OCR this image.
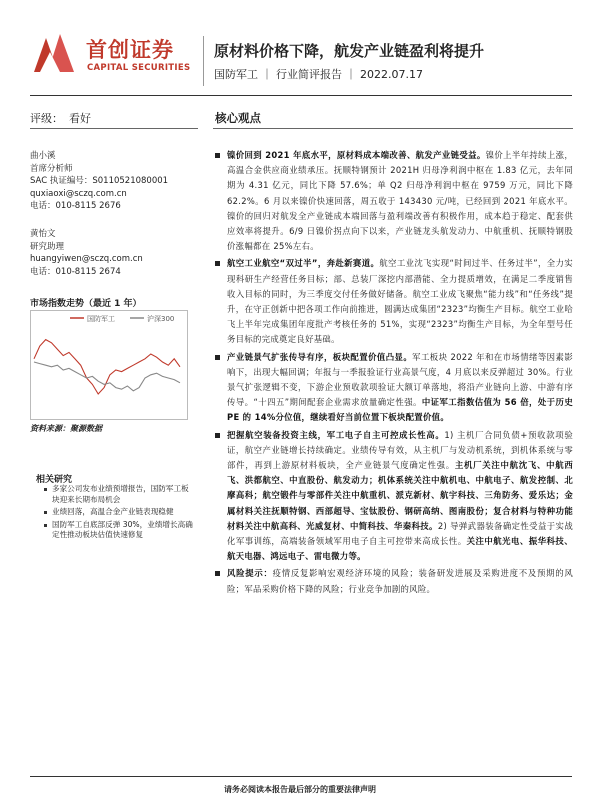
首创证券
CAPITAL SECURITIES
原材料价格下降，航发产业链盈利将提升
国防军工 ｜ 行业简评报告 ｜ 2022.07.17
评级： 看好	核心观点
曲小溪
首席分析师
SAC 执证编号：S0110521080001
quxiaoxi@sczq.com.cn
电话：010-8115 2676
黄怡文
研究助理
huangyiwen@sczq.com.cn
电话：010-8115 2674
市场指数走势（最近 1 年）
国防军工	沪深300
资料来源：聚源数据
相关研究
多家公司发布业绩预增报告，国防军工板块迎来长期布局机会
业绩回落，高温合金产业链表现稳健
国防军工自底部反弹 30%，业绩增长高确定性推动板块估值快速修复
镍价回到 2021 年底水平，原材料成本端改善、航发产业链受益。镍价上半年持续上涨，高温合金供应商业绩承压。抚顺特钢预计 2021H 归母净利润中枢在 1.83 亿元，去年同期为 4.31 亿元，同比下降 57.6%；单 Q2 归母净利润中枢在 9759 万元，同比下降 62.2%。6 月以来镍价快速回落，周五收于 143430 元/吨，已经回到 2021 年底水平。镍价的回归对航发全产业链成本端回落与盈利端改善有积极作用，成本趋于稳定、配套供应效率将提升。6/9 日镍价拐点向下以来，产业链龙头航发动力、中航重机、抚顺特钢股价涨幅都在 25%左右。
航空工业航空“双过半”，奔赴新赛道。航空工业沈飞实现“时间过半、任务过半”，全力实现科研生产经营任务目标；部、总装厂深挖内部潜能、全力提质增效，在满足二季度销售收入目标的同时，为三季度交付任务做好储备。航空工业成飞聚焦“能力线”和“任务线”提升，在守正创新中把各项工作向前推进，圆满达成集团“2323”均衡生产目标。航空工业哈飞上半年完成集团年度批产考核任务的 51%，实现“2323”均衡生产目标，为全年型号任务目标的完成奠定良好基础。
产业链景气扩张传导有序，板块配置价值凸显。军工板块 2022 年和在市场情绪等因素影响下，出现大幅回调；年报与一季报验证行业高景气度，4 月底以来反弹超过 30%。行业景气扩张逻辑不变，下游企业预收款项验证大额订单落地，将沿产业链向上游、中游有序传导。“十四五”期间配套企业需求放量确定性强。中证军工指数估值为 56 倍，处于历史 PE 的 14%分位值，继续看好当前位置下板块配置价值。
把握航空装备投资主线，军工电子自主可控成长性高。1) 主机厂合同负债+预收款项验证，航空产业链增长持续确定。业绩传导有效，从主机厂与发动机系统，到机体系统与零部件，再到上游原材料板块，全产业链景气度确定性强。主机厂关注中航沈飞、中航西飞、洪都航空、中直股份、航发动力；机体系统关注中航机电、中航电子、航发控制、北摩高科；航空锻件与零部件关注中航重机、派克新材、航宇科技、三角防务、爱乐达；金属材料关注抚顺特钢、西部超导、宝钛股份、钢研高纳、图南股份；复合材料与特种功能材料关注中航高科、光威复材、中简科技、华秦科技。2) 导弹武器装备确定性受益于实战化军事训练，高端装备领域军用电子自主可控带来高成长性。关注中航光电、振华科技、航天电器、鸿远电子、雷电微力等。
风险提示：疫情反复影响宏观经济环境的风险；装备研发进展及采购进度不及预期的风险；军品采购价格下降的风险；行业竞争加剧的风险。
请务必阅读本报告最后部分的重要法律声明
